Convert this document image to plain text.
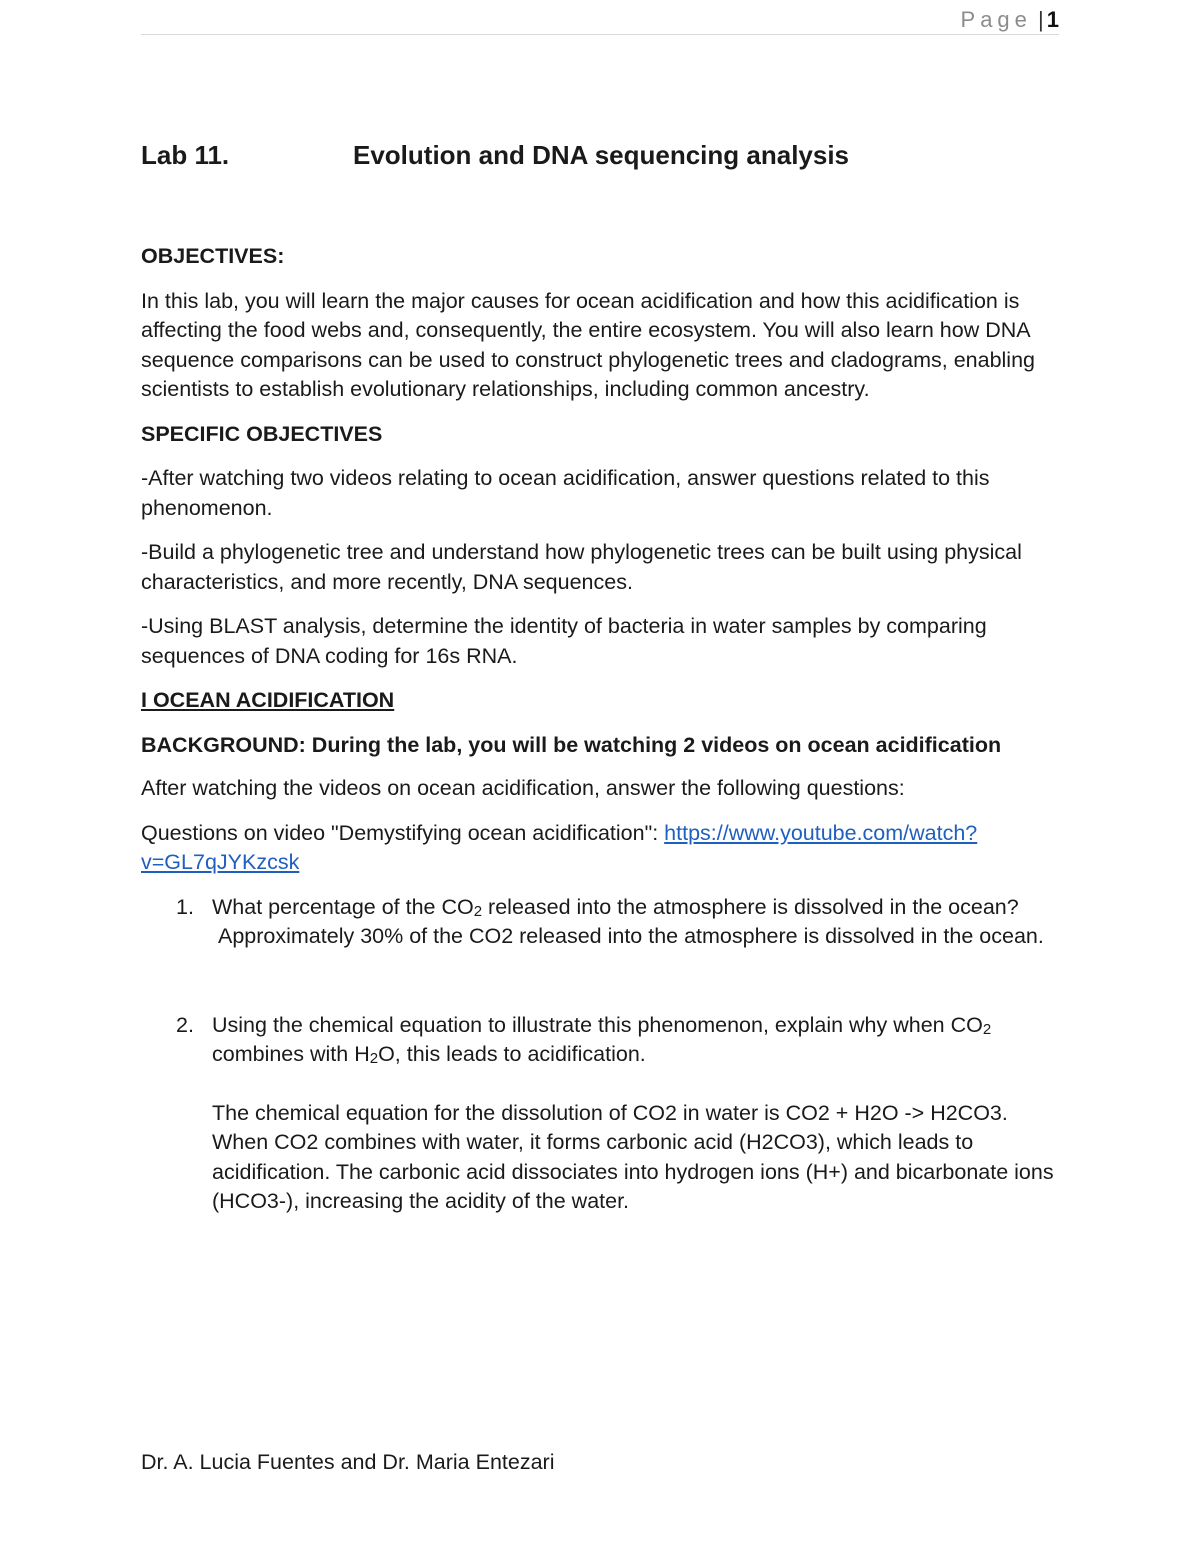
Page | 1
Lab 11.	Evolution and DNA sequencing analysis

OBJECTIVES:

In this lab, you will learn the major causes for ocean acidification and how this acidification is affecting the food webs and, consequently, the entire ecosystem. You will also learn how DNA sequence comparisons can be used to construct phylogenetic trees and cladograms, enabling scientists to establish evolutionary relationships, including common ancestry.

SPECIFIC OBJECTIVES

-After watching two videos relating to ocean acidification, answer questions related to this phenomenon.

-Build a phylogenetic tree and understand how phylogenetic trees can be built using physical characteristics, and more recently, DNA sequences.

-Using BLAST analysis, determine the identity of bacteria in water samples by comparing sequences of DNA coding for 16s RNA.

I OCEAN ACIDIFICATION

BACKGROUND: During the lab, you will be watching 2 videos on ocean acidification

After watching the videos on ocean acidification, answer the following questions:

Questions on video "Demystifying ocean acidification": https://www.youtube.com/watch?v=GL7qJYKzcsk

1. What percentage of the $CO_2$ released into the atmosphere is dissolved in the ocean?

Approximately 30% of the CO2 released into the atmosphere is dissolved in the ocean.

2. Using the chemical equation to illustrate this phenomenon, explain why when $CO_2$ combines with $H_2O$, this leads to acidification.

The chemical equation for the dissolution of CO2 in water is CO2 + H2O -> H2CO3. When CO2 combines with water, it forms carbonic acid (H2CO3), which leads to acidification. The carbonic acid dissociates into hydrogen ions (H+) and bicarbonate ions (HCO3-), increasing the acidity of the water.

Dr. A. Lucia Fuentes and Dr. Maria Entezari
